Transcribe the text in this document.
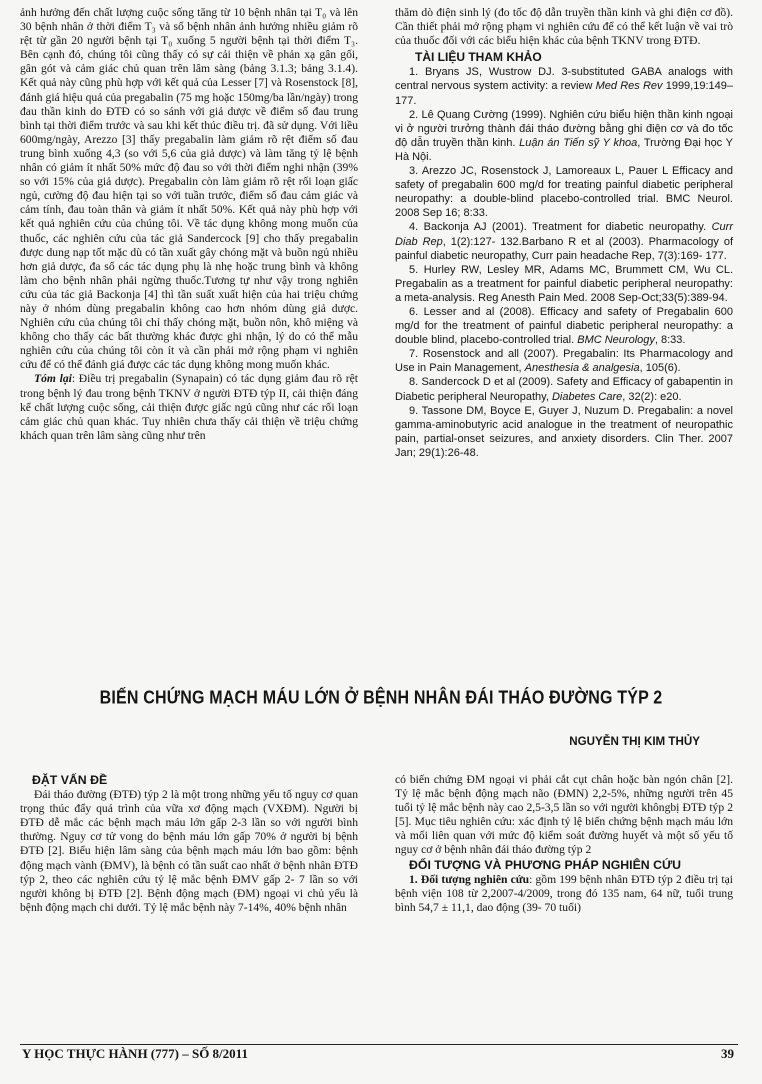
ảnh hưởng đến chất lượng cuộc sống tăng từ 10 bệnh nhân tại T₀ và lên 30 bệnh nhân ở thời điểm T₃ và số bệnh nhân ảnh hưởng nhiều giảm rõ rệt từ gần 20 người bệnh tại T₀ xuống 5 người bệnh tại thời điểm T₃. Bên cạnh đó, chúng tôi cũng thấy có sự cải thiện về phản xạ gân gối, gân gót và cảm giác chủ quan trên lâm sàng (bảng 3.1.3; bảng 3.1.4). Kết quả này cũng phù hợp với kết quả của Lesser [7] và Rosenstock [8], đánh giá hiệu quả của pregabalin (75 mg hoặc 150mg/ba lần/ngày) trong đau thần kinh do ĐTĐ có so sánh với giả dược về điểm số đau trung bình tại thời điểm trước và sau khi kết thúc điều trị. đã sử dụng. Với liều 600mg/ngày, Arezzo [3] thấy pregabalin làm giảm rõ rệt điểm số đau trung bình xuống 4,3 (so với 5,6 của giả dược) và làm tăng tỷ lệ bệnh nhân có giảm ít nhất 50% mức độ đau so với thời điểm nghi nhận (39% so với 15% của giả dược). Pregabalin còn làm giảm rõ rệt rối loạn giấc ngủ, cường độ đau hiện tại so với tuần trước, điểm số đau cảm giác và cảm tính, đau toàn thân và giảm ít nhất 50%. Kết quả này phù hợp với kết quả nghiên cứu của chúng tôi. Về tác dụng không mong muốn của thuốc, các nghiên cứu của tác giả Sandercock [9] cho thấy pregabalin được dung nạp tốt mặc dù có tần xuất gây chóng mặt và buồn ngủ nhiều hơn giả dược, đa số các tác dụng phụ là nhẹ hoặc trung bình và không làm cho bệnh nhân phải ngừng thuốc.Tương tự như vậy trong nghiên cứu của tác giả Backonja [4] thì tần suất xuất hiện của hai triệu chứng này ở nhóm dùng pregabalin không cao hơn nhóm dùng giả dược. Nghiên cứu của chúng tôi chỉ thấy chóng mặt, buồn nôn, khô miệng và không cho thấy các bất thường khác được ghi nhận, lý do có thể mẫu nghiên cứu của chúng tôi còn ít và cần phải mở rộng phạm vi nghiên cứu để có thể đánh giá được các tác dụng không mong muốn khác.

Tóm lại: Điều trị pregabalin (Synapain) có tác dụng giảm đau rõ rệt trong bệnh lý đau trong bệnh TKNV ở người ĐTĐ týp II, cải thiện đáng kể chất lượng cuộc sống, cải thiện được giấc ngủ cũng như các rối loạn cảm giác chủ quan khác. Tuy nhiên chưa thấy cải thiện về triệu chứng khách quan trên lâm sàng cũng như trên

thăm dò điện sinh lý (đo tốc độ dẫn truyền thần kinh và ghi điện cơ đồ). Cần thiết phải mở rộng phạm vi nghiên cứu để có thể kết luận về vai trò của thuốc đối với các biểu hiện khác của bệnh TKNV trong ĐTĐ.

TÀI LIỆU THAM KHẢO

1. Bryans JS, Wustrow DJ. 3-substituted GABA analogs with central nervous system activity: a review Med Res Rev 1999,19:149–177.

2. Lê Quang Cường (1999). Nghiên cứu biểu hiện thần kinh ngoại vi ở người trưởng thành đái tháo đường bằng ghi điện cơ và đo tốc độ dẫn truyền thần kinh. Luận án Tiến sỹ Y khoa, Trường Đại học Y Hà Nội.

3. Arezzo JC, Rosenstock J, Lamoreaux L, Pauer L Efficacy and safety of pregabalin 600 mg/d for treating painful diabetic peripheral neuropathy: a double-blind placebo-controlled trial. BMC Neurol. 2008 Sep 16; 8:33.

4. Backonja AJ (2001). Treatment for diabetic neuropathy. Curr Diab Rep, 1(2):127- 132.Barbano R et al (2003). Pharmacology of painful diabetic neuropathy, Curr pain headache Rep, 7(3):169- 177.

5. Hurley RW, Lesley MR, Adams MC, Brummett CM, Wu CL. Pregabalin as a treatment for painful diabetic peripheral neuropathy: a meta-analysis. Reg Anesth Pain Med. 2008 Sep-Oct;33(5):389-94.

6. Lesser and al (2008). Efficacy and safety of Pregabalin 600 mg/d for the treatment of painful diabetic peripheral neuropathy: a double blind, placebo-controlled trial. BMC Neurology, 8:33.

7. Rosenstock and all (2007). Pregabalin: Its Pharmacology and Use in Pain Management, Anesthesia & analgesia, 105(6).

8. Sandercock D et al (2009). Safety and Efficacy of gabapentin in Diabetic peripheral Neuropathy, Diabetes Care, 32(2): e20.

9. Tassone DM, Boyce E, Guyer J, Nuzum D. Pregabalin: a novel gamma-aminobutyric acid analogue in the treatment of neuropathic pain, partial-onset seizures, and anxiety disorders. Clin Ther. 2007 Jan; 29(1):26-48.

BIẾN CHỨNG MẠCH MÁU LỚN Ở BỆNH NHÂN ĐÁI THÁO ĐƯỜNG TÝP 2
NGUYỄN THỊ KIM THỦY
ĐẶT VẤN ĐỀ

Đái tháo đường (ĐTĐ) týp 2 là một trong những yếu tố nguy cơ quan trọng thúc đẩy quá trình của vữa xơ động mạch (VXĐM). Người bị ĐTĐ dễ mắc các bệnh mạch máu lớn gấp 2-3 lần so với người bình thường. Nguy cơ tử vong do bệnh máu lớn gấp 70% ở người bị bệnh ĐTĐ [2]. Biểu hiện lâm sàng của bệnh mạch máu lớn bao gồm: bệnh động mạch vành (ĐMV), là bệnh có tần suất cao nhất ở bệnh nhân ĐTĐ týp 2, theo các nghiên cứu tỷ lệ mắc bệnh ĐMV gấp 2- 7 lần so với người không bị ĐTĐ [2]. Bệnh động mạch (ĐM) ngoại vi chủ yếu là bệnh động mạch chi dưới. Tỷ lệ mắc bệnh này 7-14%, 40% bệnh nhân

có biến chứng ĐM ngoại vi phải cắt cụt chân hoặc bàn ngón chân [2]. Tỷ lệ mắc bệnh động mạch não (ĐMN) 2,2-5%, những người trên 45 tuổi tỷ lệ mắc bệnh này cao 2,5-3,5 lần so với người khôngbị ĐTĐ týp 2 [5]. Mục tiêu nghiên cứu: xác định tỷ lệ biến chứng bệnh mạch máu lớn và mối liên quan với mức độ kiểm soát đường huyết và một số yếu tố nguy cơ ở bệnh nhân đái tháo đường týp 2

ĐỐI TƯỢNG VÀ PHƯƠNG PHÁP NGHIÊN CỨU

1. Đối tượng nghiên cứu: gồm 199 bệnh nhân ĐTĐ týp 2 điều trị tại bệnh viện 108 từ 2,2007-4/2009, trong đó 135 nam, 64 nữ, tuổi trung bình 54,7 ± 11,1, dao động (39- 70 tuổi)

Y HỌC THỰC HÀNH (777) – SỐ 8/2011	39
